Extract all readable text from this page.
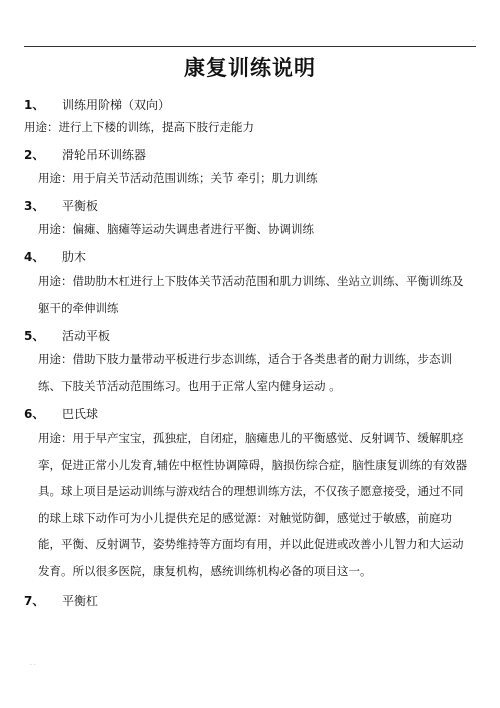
.
康复训练说明
1、 训练用阶梯（双向）
用途：进行上下楼的训练，提高下肢行走能力
2、 滑轮吊环训练器
用途：用于肩关节活动范围训练；关节 牵引；肌力训练
3、 平衡板
用途：偏瘫、脑瘫等运动失调患者进行平衡、协调训练
4、 肋木
用途：借助肋木杠进行上下肢体关节活动范围和肌力训练、坐站立训练、平衡训练及躯干的牵伸训练
5、 活动平板
用途：借助下肢力量带动平板进行步态训练，适合于各类患者的耐力训练，步态训练、下肢关节活动范围练习。也用于正常人室内健身运动 。
6、 巴氏球
用途：用于早产宝宝，孤独症，自闭症，脑瘫患儿的平衡感觉、反射调节、缓解肌痉挛，促进正常小儿发育,辅佐中枢性协调障碍，脑损伤综合症，脑性康复训练的有效器具。球上项目是运动训练与游戏结合的理想训练方法，不仅孩子愿意接受，通过不同的球上球下动作可为小儿提供充足的感觉源：对触觉防御，感觉过于敏感，前庭功能，平衡、反射调节，姿势维持等方面均有用，并以此促进或改善小儿智力和大运动发育。所以很多医院，康复机构，感统训练机构必备的项目这一。
7、 平衡杠
. .
